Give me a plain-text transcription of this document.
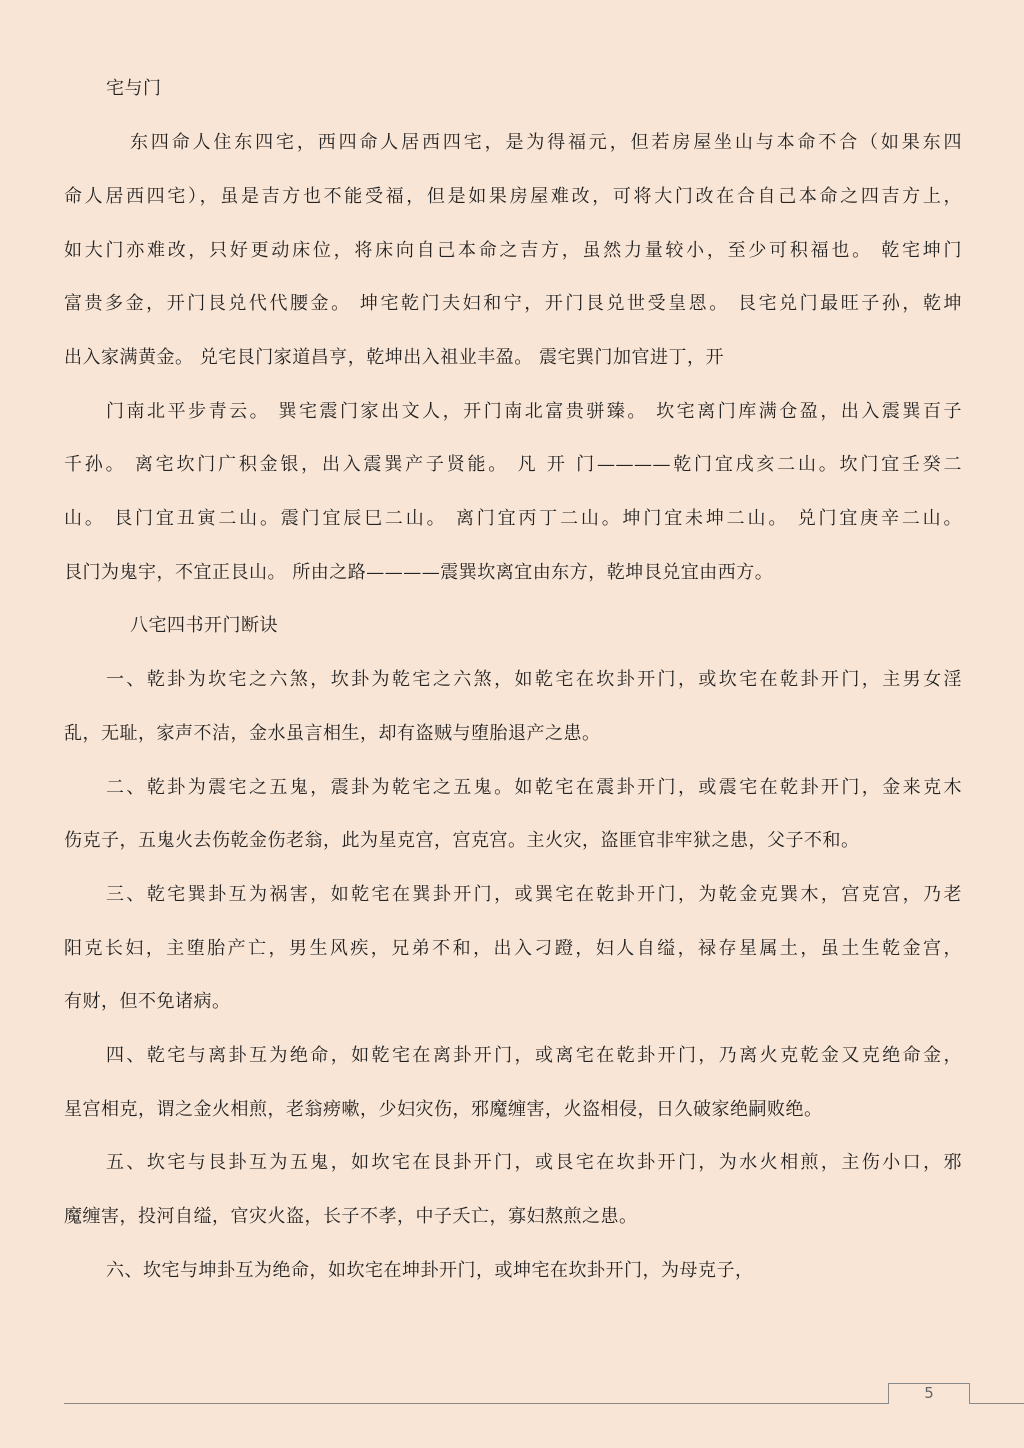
宅与门
东四命人住东四宅，西四命人居西四宅，是为得福元，但若房屋坐山与本命不合（如果东四
命人居西四宅），虽是吉方也不能受福，但是如果房屋难改，可将大门改在合自己本命之四吉方上，
如大门亦难改，只好更动床位，将床向自己本命之吉方，虽然力量较小，至少可积福也。 乾宅坤门
富贵多金，开门艮兑代代腰金。 坤宅乾门夫妇和宁，开门艮兑世受皇恩。 艮宅兑门最旺子孙，乾坤
出入家满黄金。 兑宅艮门家道昌亨，乾坤出入祖业丰盈。 震宅巽门加官进丁，开
门南北平步青云。 巽宅震门家出文人，开门南北富贵骈臻。 坎宅离门库满仓盈，出入震巽百子
千孙。 离宅坎门广积金银，出入震巽产子贤能。 凡 开 门————乾门宜戌亥二山。坎门宜壬癸二
山。 艮门宜丑寅二山。震门宜辰巳二山。 离门宜丙丁二山。坤门宜未坤二山。 兑门宜庚辛二山。
艮门为鬼宇，不宜正艮山。 所由之路————震巽坎离宜由东方，乾坤艮兑宜由西方。
八宅四书开门断诀
一、乾卦为坎宅之六煞，坎卦为乾宅之六煞，如乾宅在坎卦开门，或坎宅在乾卦开门，主男女淫
乱，无耻，家声不洁，金水虽言相生，却有盗贼与堕胎退产之患。
二、乾卦为震宅之五鬼，震卦为乾宅之五鬼。如乾宅在震卦开门，或震宅在乾卦开门，金来克木
伤克子，五鬼火去伤乾金伤老翁，此为星克宫，宫克宫。主火灾，盗匪官非牢狱之患，父子不和。
三、乾宅巽卦互为祸害，如乾宅在巽卦开门，或巽宅在乾卦开门，为乾金克巽木，宫克宫，乃老
阳克长妇，主堕胎产亡，男生风疾，兄弟不和，出入刁蹬，妇人自缢，禄存星属土，虽土生乾金宫，
有财，但不免诸病。
四、乾宅与离卦互为绝命，如乾宅在离卦开门，或离宅在乾卦开门，乃离火克乾金又克绝命金，
星宫相克，谓之金火相煎，老翁痨嗽，少妇灾伤，邪魔缠害，火盗相侵，日久破家绝嗣败绝。
五、坎宅与艮卦互为五鬼，如坎宅在艮卦开门，或艮宅在坎卦开门，为水火相煎，主伤小口，邪
魔缠害，投河自缢，官灾火盗，长子不孝，中子夭亡，寡妇熬煎之患。
六、坎宅与坤卦互为绝命，如坎宅在坤卦开门，或坤宅在坎卦开门，为母克子，
5
